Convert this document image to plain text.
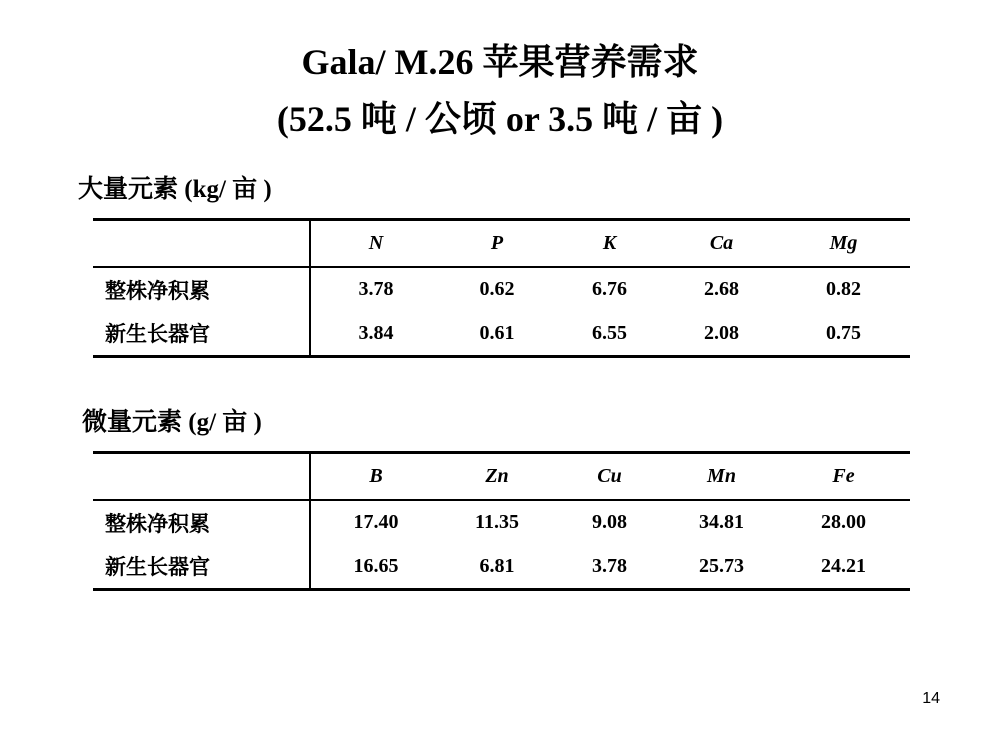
Gala/ M.26 苹果营养需求
(52.5 吨 / 公顷 or 3.5 吨 / 亩 )
大量元素 (kg/ 亩 )
	N	P	K	Ca	Mg
整株净积累	3.78	0.62	6.76	2.68	0.82
新生长器官	3.84	0.61	6.55	2.08	0.75
微量元素 (g/ 亩 )
	B	Zn	Cu	Mn	Fe
整株净积累	17.40	11.35	9.08	34.81	28.00
新生长器官	16.65	6.81	3.78	25.73	24.21
14
